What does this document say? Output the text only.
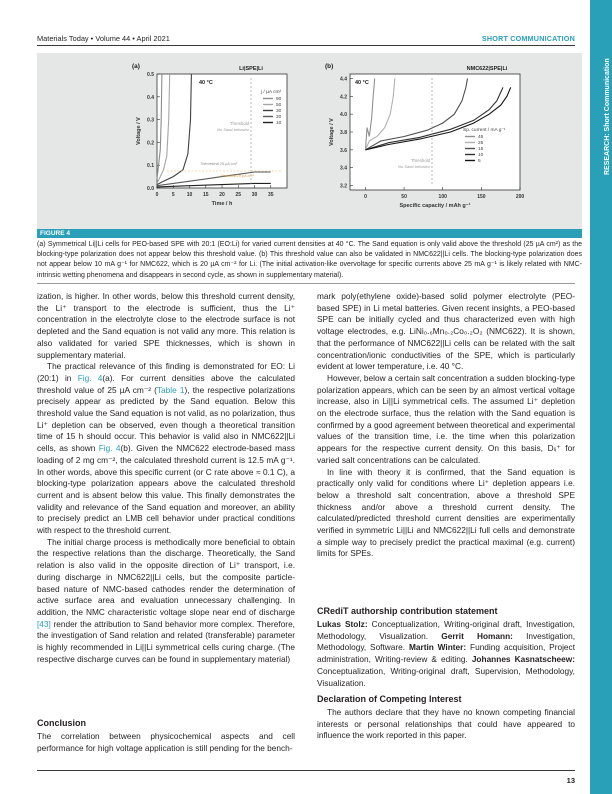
Materials Today • Volume 44 • April 2021	SHORT COMMUNICATION
RESEARCH: Short Communication
0.0
0.1
0.2
0.3
0.4
0.5
0	5 10 15 20 25 30 35
Time / h
Voltage / V
(a)	Li|SPE|Li
40 °C
Threshold
No Sand behavior
j / µA cm²
90
50
30
20
10
Theoretical 25 µA cm²
Practical 25 µA cm²
3.2
3.4
3.6
3.8
4.0
4.2
4.4
0	50	100	150	200
Specific capacity / mAh g⁻¹
Voltage / V
(b)	NMC622|SPE|Li
40 °C
Threshold
No Sand behavior
Sp. current / mA g⁻¹
45
25
15
10
5
FIGURE 4
(a) Symmetrical Li||Li cells for PEO-based SPE with 20:1 (EO:Li) for varied current densities at 40 °C. The Sand equation is only valid above the threshold (25 µA cm²) as the blocking-type polarization does not appear below this threshold value. (b) This threshold value can also be validated in NMC622||Li cells. The blocking-type polarization does not appear below 10 mA g⁻¹ for NMC622, which is 20 µA cm⁻² for Li. (The initial activation-like overvoltage for specific currents above 25 mA g⁻¹ is likely related with NMC-intrinsic wetting phenomena and disappears in second cycle, as shown in supplementary material).

ization, is higher. In other words, below this threshold current density, the Li⁺ transport to the electrode is sufficient, thus the Li⁺ concentration in the electrolyte close to the electrode surface is not depleted and the Sand equation is not valid any more. This relation is also validated for varied SPE thicknesses, which is shown in supplementary material.

The practical relevance of this finding is demonstrated for EO: Li (20:1) in Fig. 4(a). For current densities above the calculated threshold value of 25 µA cm⁻² (Table 1), the respective polarizations precisely appear as predicted by the Sand equation. Below this threshold value the Sand equation is not valid, as no polarization, thus Li⁺ depletion can be observed, even though a theoretical transition time of 15 h should occur. This behavior is valid also in NMC622||Li cells, as shown Fig. 4(b). Given the NMC622 electrode-based mass loading of 2 mg cm⁻², the calculated threshold current is 12.5 mA g⁻¹. In other words, above this specific current (or C rate above ≈ 0.1 C), a blocking-type polarization appears above the calculated threshold current and is absent below this value. This finally demonstrates the validity and relevance of the Sand equation and moreover, an ability to precisely predict an LMB cell behavior under practical conditions with respect to the threshold current.

The initial charge process is methodically more beneficial to obtain the respective relations than the discharge. Theoretically, the Sand relation is also valid in the opposite direction of Li⁺ transport, i.e. during discharge in NMC622||Li cells, but the composite particle-based nature of NMC-based cathodes render the determination of active surface area and evaluation unnecessary challenging. In addition, the NMC characteristic voltage slope near end of discharge [43] render the attribution to Sand behavior more complex. Therefore, the investigation of Sand relation and related (transferable) parameter is highly recommended in Li||Li symmetrical cells curing charge. (The respective discharge curves can be found in supplementary material)

Conclusion

The correlation between physicochemical aspects and cell performance for high voltage application is still pending for the bench-

mark poly(ethylene oxide)-based solid polymer electrolyte (PEO-based SPE) in Li metal batteries. Given recent insights, a PEO-based SPE can be initially cycled and thus characterized even with high voltage electrodes, e.g. LiNi₀.₆Mn₀.₂Co₀.₂O₂ (NMC622). It is shown, that the performance of NMC622||Li cells can be related with the salt concentration/ionic conductivities of the SPE, which is particularly evident at lower temperature, i.e. 40 °C.

However, below a certain salt concentration a sudden blocking-type polarization appears, which can be seen by an almost vertical voltage increase, also in Li||Li symmetrical cells. The assumed Li⁺ depletion on the electrode surface, thus the relation with the Sand equation is confirmed by a good agreement between theoretical and experimental values of the transition time, i.e. the time when this polarization appears for the respective current density. On this basis, Dₗᵢ⁺ for varied salt concentrations can be calculated.

In line with theory it is confirmed, that the Sand equation is practically only valid for conditions where Li⁺ depletion appears i.e. below a threshold salt concentration, above a threshold SPE thickness and/or above a threshold current density. The calculated/predicted threshold current densities are experimentally verified in symmetric Li||Li and NMC622||Li full cells and demonstrate a simple way to precisely predict the practical maximal (e.g. current) limits for SPEs.

CRediT authorship contribution statement

Lukas Stolz: Conceptualization, Writing-original draft, Investigation, Methodology, Visualization. Gerrit Homann: Investigation, Methodology, Software. Martin Winter: Funding acquisition, Project administration, Writing-review & editing. Johannes Kasnatscheew: Conceptualization, Writing-original draft, Supervision, Methodology, Visualization.

Declaration of Competing Interest

The authors declare that they have no known competing financial interests or personal relationships that could have appeared to influence the work reported in this paper.

13
